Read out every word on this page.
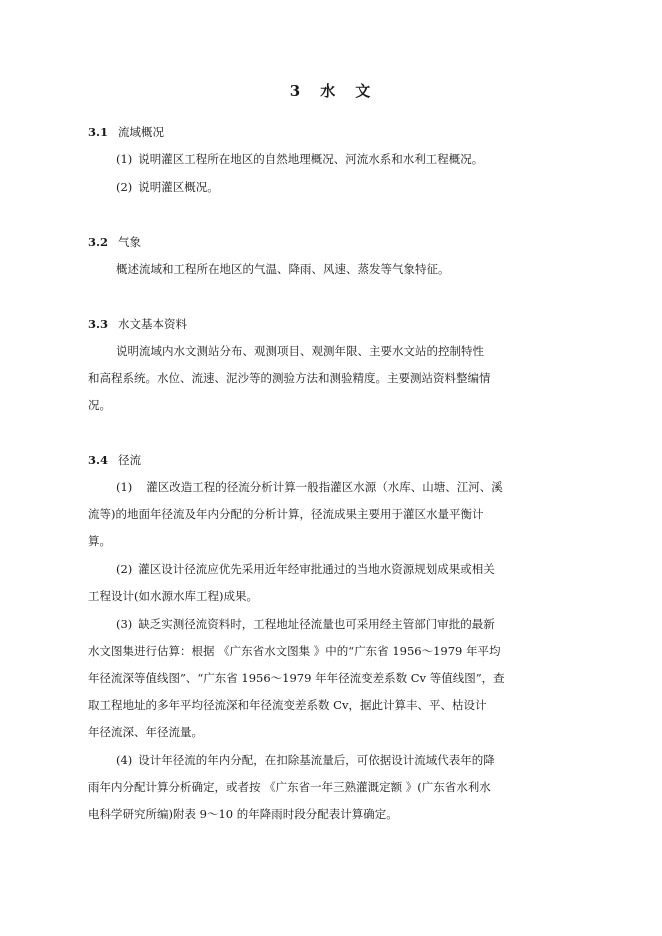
3 水 文
3.1 流域概况
(1) 说明灌区工程所在地区的自然地理概况、河流水系和水利工程概况。
(2) 说明灌区概况。
3.2 气象
概述流域和工程所在地区的气温、降雨、风速、蒸发等气象特征。
3.3 水文基本资料
说明流域内水文测站分布、观测项目、观测年限、主要水文站的控制特性
和高程系统。水位、流速、泥沙等的测验方法和测验精度。主要测站资料整编情
况。
3.4 径流
(1) 灌区改造工程的径流分析计算一般指灌区水源（水库、山塘、江河、溪
流等)的地面年径流及年内分配的分析计算，径流成果主要用于灌区水量平衡计
算。
(2) 灌区设计径流应优先采用近年经审批通过的当地水资源规划成果或相关
工程设计(如水源水库工程)成果。
(3) 缺乏实测径流资料时，工程地址径流量也可采用经主管部门审批的最新
水文图集进行估算：根据 《广东省水文图集 》中的“广东省 1956～1979 年平均
年径流深等值线图”、“广东省 1956～1979 年年径流变差系数 Cv 等值线图”，查
取工程地址的多年平均径流深和年径流变差系数 Cv，据此计算丰、平、枯设计
年径流深、年径流量。
(4) 设计年径流的年内分配，在扣除基流量后，可依据设计流域代表年的降
雨年内分配计算分析确定，或者按 《广东省一年三熟灌溉定额 》(广东省水利水
电科学研究所编)附表 9～10 的年降雨时段分配表计算确定。
